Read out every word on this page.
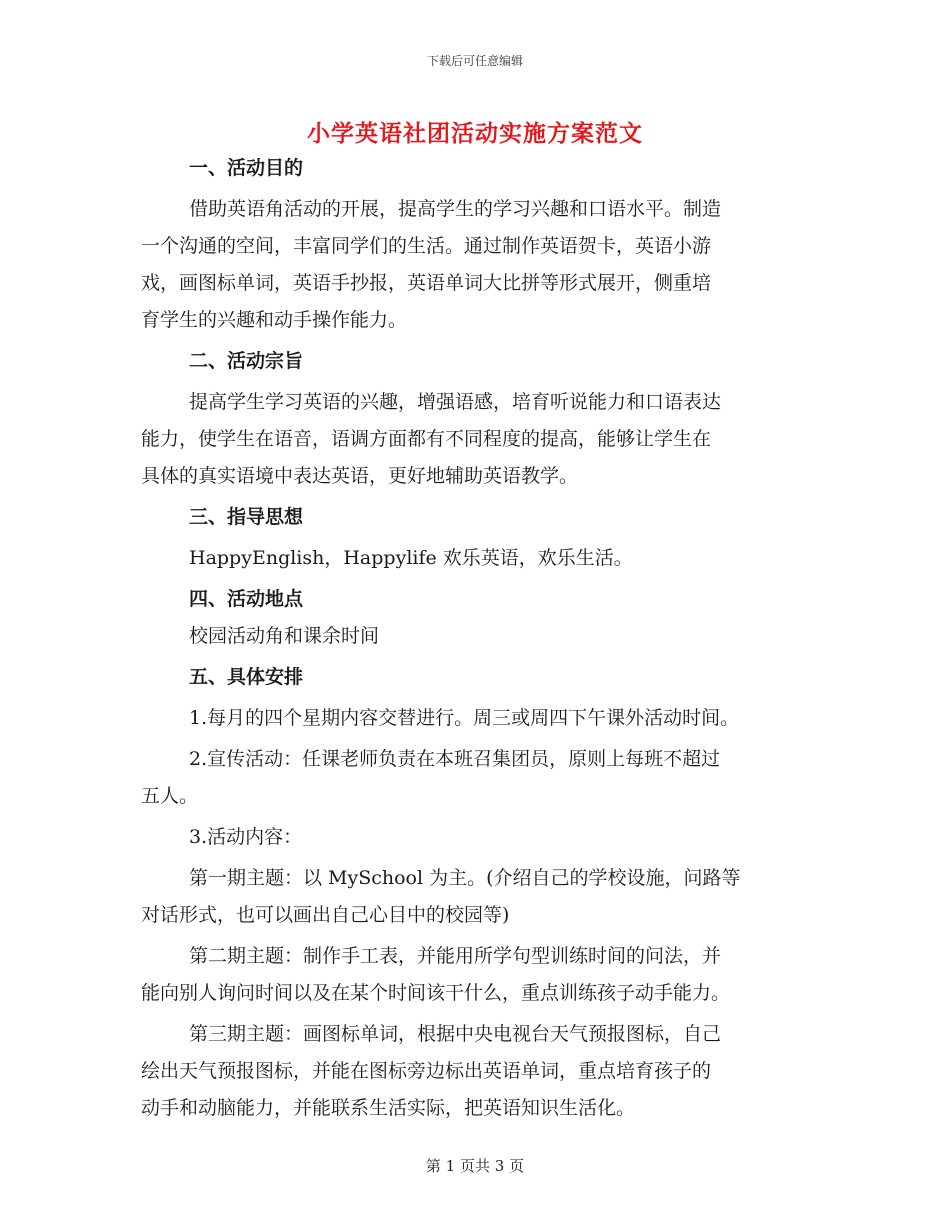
下载后可任意编辑
小学英语社团活动实施方案范文

一、活动目的

借助英语角活动的开展，提高学生的学习兴趣和口语水平。制造

一个沟通的空间，丰富同学们的生活。通过制作英语贺卡，英语小游

戏，画图标单词，英语手抄报，英语单词大比拼等形式展开，侧重培

育学生的兴趣和动手操作能力。

二、活动宗旨

提高学生学习英语的兴趣，增强语感，培育听说能力和口语表达

能力，使学生在语音，语调方面都有不同程度的提高，能够让学生在

具体的真实语境中表达英语，更好地辅助英语教学。

三、指导思想

HappyEnglish，Happylife 欢乐英语，欢乐生活。

四、活动地点

校园活动角和课余时间

五、具体安排

1.每月的四个星期内容交替进行。周三或周四下午课外活动时间。

2.宣传活动：任课老师负责在本班召集团员，原则上每班不超过

五人。

3.活动内容：

第一期主题：以 MySchool 为主。(介绍自己的学校设施，问路等

对话形式，也可以画出自己心目中的校园等)

第二期主题：制作手工表，并能用所学句型训练时间的问法，并

能向别人询问时间以及在某个时间该干什么，重点训练孩子动手能力。

第三期主题：画图标单词，根据中央电视台天气预报图标，自己

绘出天气预报图标，并能在图标旁边标出英语单词，重点培育孩子的

动手和动脑能力，并能联系生活实际，把英语知识生活化。

第 1 页共 3 页
